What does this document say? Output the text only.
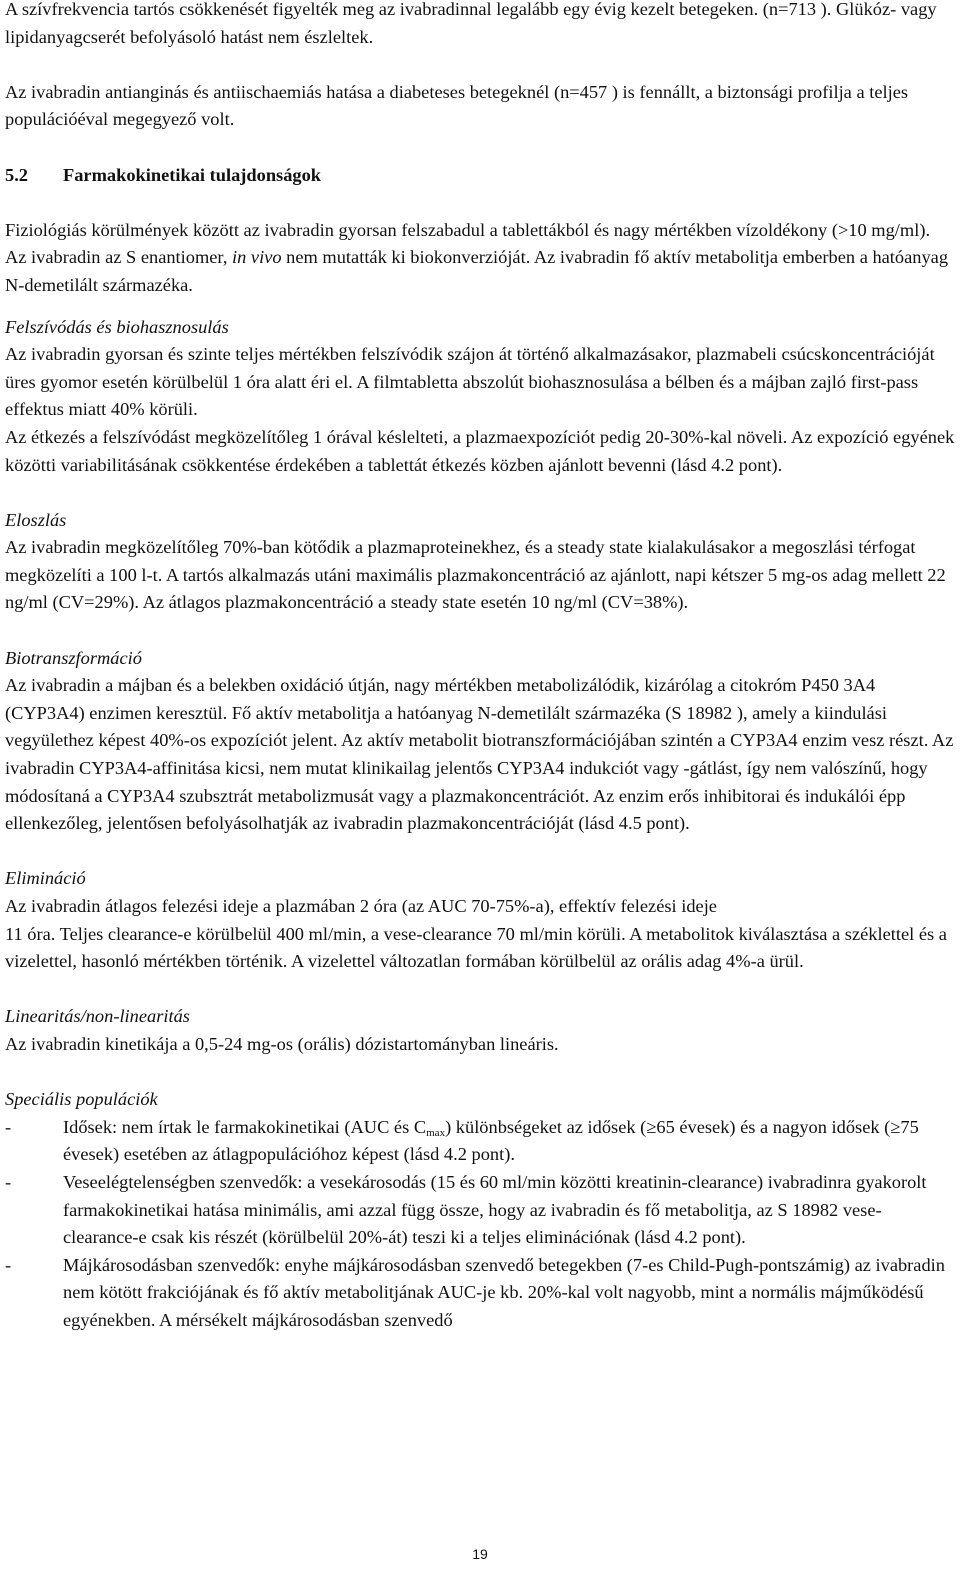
A szívfrekvencia tartós csökkenését figyelték meg az ivabradinnal legalább egy évig kezelt betegeken. (n=713 ). Glükóz- vagy lipidanyagcserét befolyásoló hatást nem észleltek.

Az ivabradin antianginás és antiischaemiás hatása a diabeteses betegeknél (n=457 ) is fennállt, a biztonsági profilja a teljes populációéval megegyező volt.

5.2 Farmakokinetikai tulajdonságok

Fiziológiás körülmények között az ivabradin gyorsan felszabadul a tablettákból és nagy mértékben vízoldékony (>10 mg/ml). Az ivabradin az S enantiomer, in vivo nem mutatták ki biokonverzióját. Az ivabradin fő aktív metabolitja emberben a hatóanyag N-demetilált származéka.

Felszívódás és biohasznosulás

Az ivabradin gyorsan és szinte teljes mértékben felszívódik szájon át történő alkalmazásakor, plazmabeli csúcskoncentrációját üres gyomor esetén körülbelül 1 óra alatt éri el. A filmtabletta abszolút biohasznosulása a bélben és a májban zajló first-pass effektus miatt 40% körüli.

Az étkezés a felszívódást megközelítőleg 1 órával késlelteti, a plazmaexpozíciót pedig 20-30%-kal növeli. Az expozíció egyének közötti variabilitásának csökkentése érdekében a tablettát étkezés közben ajánlott bevenni (lásd 4.2 pont).

Eloszlás

Az ivabradin megközelítőleg 70%-ban kötődik a plazmaproteinekhez, és a steady state kialakulásakor a megoszlási térfogat megközelíti a 100 l-t. A tartós alkalmazás utáni maximális plazmakoncentráció az ajánlott, napi kétszer 5 mg-os adag mellett 22 ng/ml (CV=29%). Az átlagos plazmakoncentráció a steady state esetén 10 ng/ml (CV=38%).

Biotranszformáció

Az ivabradin a májban és a belekben oxidáció útján, nagy mértékben metabolizálódik, kizárólag a citokróm P450 3A4 (CYP3A4) enzimen keresztül. Fő aktív metabolitja a hatóanyag N-demetilált származéka (S 18982 ), amely a kiindulási vegyülethez képest 40%-os expozíciót jelent. Az aktív metabolit biotranszformációjában szintén a CYP3A4 enzim vesz részt. Az ivabradin CYP3A4-affinitása kicsi, nem mutat klinikailag jelentős CYP3A4 indukciót vagy -gátlást, így nem valószínű, hogy módosítaná a CYP3A4 szubsztrát metabolizmusát vagy a plazmakoncentrációt. Az enzim erős inhibitorai és indukálói épp ellenkezőleg, jelentősen befolyásolhatják az ivabradin plazmakoncentrációját (lásd 4.5 pont).

Elimináció

Az ivabradin átlagos felezési ideje a plazmában 2 óra (az AUC 70-75%-a), effektív felezési ideje
11 óra. Teljes clearance-e körülbelül 400 ml/min, a vese-clearance 70 ml/min körüli. A metabolitok kiválasztása a széklettel és a vizelettel, hasonló mértékben történik. A vizelettel változatlan formában körülbelül az orális adag 4%-a ürül.

Linearitás/non-linearitás

Az ivabradin kinetikája a 0,5-24 mg-os (orális) dózistartományban lineáris.

Speciális populációk

-	Idősek: nem írtak le farmakokinetikai (AUC és $C_{max}$) különbségeket az idősek (≥65 évesek) és a nagyon idősek (≥75 évesek) esetében az átlagpopulációhoz képest (lásd 4.2 pont).
-	Veseelégtelenségben szenvedők: a vesekárosodás (15 és 60 ml/min közötti kreatinin-clearance) ivabradinra gyakorolt farmakokinetikai hatása minimális, ami azzal függ össze, hogy az ivabradin és fő metabolitja, az S 18982 vese-clearance-e csak kis részét (körülbelül 20%-át) teszi ki a teljes eliminációnak (lásd 4.2 pont).
-	Májkárosodásban szenvedők: enyhe májkárosodásban szenvedő betegekben (7-es Child-Pugh-pontszámig) az ivabradin nem kötött frakciójának és fő aktív metabolitjának AUC-je kb. 20%-kal volt nagyobb, mint a normális májműködésű egyénekben. A mérsékelt májkárosodásban szenvedő
19
